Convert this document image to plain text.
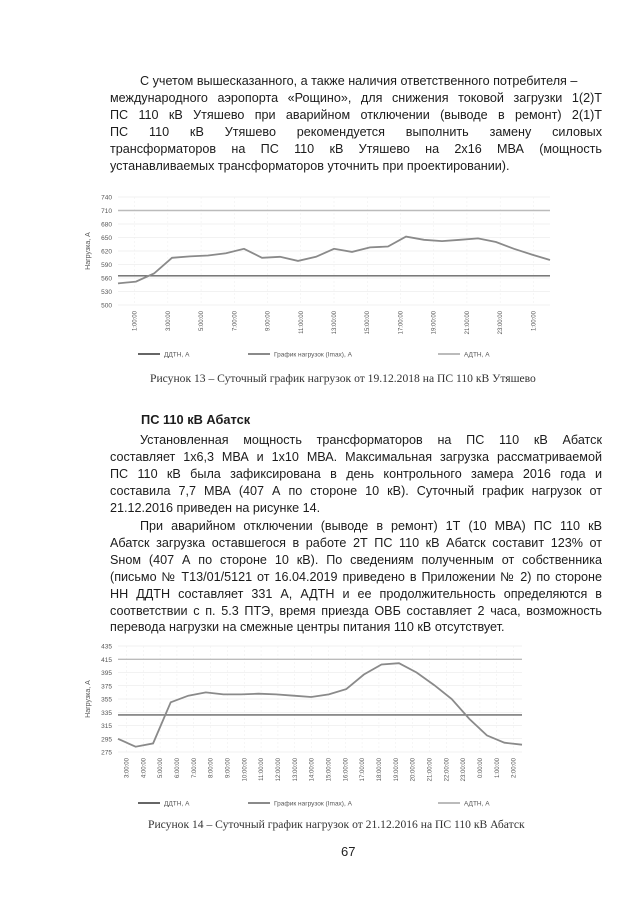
С учетом вышесказанного, а также наличия ответственного потребителя –
международного аэропорта «Рощино», для снижения токовой загрузки 1(2)Т
ПС 110 кВ Утяшево при аварийном отключении (выводе в ремонт) 2(1)Т
ПС 110 кВ Утяшево рекомендуется выполнить замену силовых
трансформаторов на ПС 110 кВ Утяшево на 2x16 МВА (мощность
устанавливаемых трансформаторов уточнить при проектировании).
500
530
560
590
620
650
680
710
740
1:00:00	3:00:00	5:00:00	7:00:00	9:00:00	11:00:00	13:00:00	15:00:00	17:00:00	19:00:00	21:00:00	23:00:00	1:00:00
Нагрузка, А
ДДТН, А	График нагрузок (Imax), А	АДТН, А
Рисунок 13 – Суточный график нагрузок от 19.12.2018 на ПС 110 кВ Утяшево
ПС 110 кВ Абатск
Установленная мощность трансформаторов на ПС 110 кВ Абатск
составляет 1x6,3 МВА и 1x10 МВА. Максимальная загрузка рассматриваемой
ПС 110 кВ была зафиксирована в день контрольного замера 2016 года и
составила 7,7 МВА (407 А по стороне 10 кВ). Суточный график нагрузок от
21.12.2016 приведен на рисунке 14.
При аварийном отключении (выводе в ремонт) 1Т (10 МВА) ПС 110 кВ
Абатск загрузка оставшегося в работе 2Т ПС 110 кВ Абатск составит 123% от
Sном (407 А по стороне 10 кВ). По сведениям полученным от собственника
(письмо № Т13/01/5121 от 16.04.2019 приведено в Приложении № 2) по стороне
НН ДДТН составляет 331 А, АДТН и ее продолжительность определяются в
соответствии с п. 5.3 ПТЭ, время приезда ОВБ составляет 2 часа, возможность
перевода нагрузки на смежные центры питания 110 кВ отсутствует.
275
295
315
335
355
375
395
415
435
3:00:00 4:00:00 5:00:00 6:00:00 7:00:00 8:00:00 9:00:00 10:00:00 11:00:00 12:00:00 13:00:00 14:00:00 15:00:00 16:00:00 17:00:00 18:00:00 19:00:00 20:00:00 21:00:00 22:00:00 23:00:00 0:00:00 1:00:00 2:00:00
Нагрузка, А
ДДТН, А	График нагрузок (Imax), А	АДТН, А
Рисунок 14 – Суточный график нагрузок от 21.12.2016 на ПС 110 кВ Абатск
67
